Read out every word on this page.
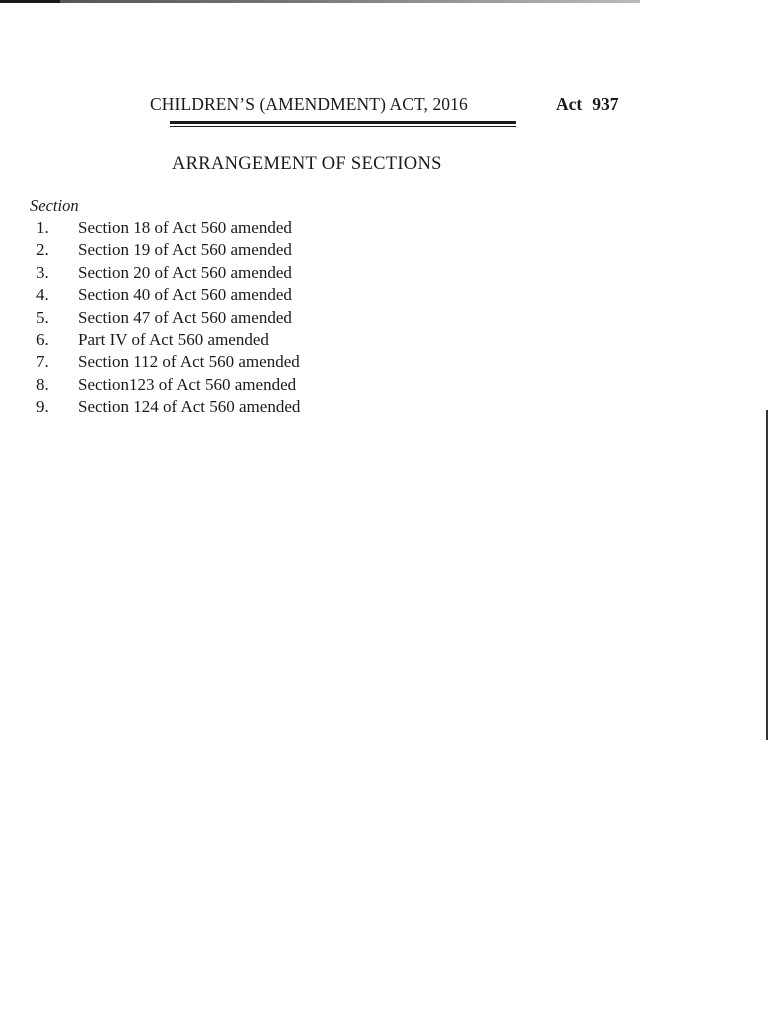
CHILDREN’S (AMENDMENT) ACT, 2016	Act 937
ARRANGEMENT OF SECTIONS
Section
1. Section 18 of Act 560 amended
2. Section 19 of Act 560 amended
3. Section 20 of Act 560 amended
4. Section 40 of Act 560 amended
5. Section 47 of Act 560 amended
6. Part IV of Act 560 amended
7. Section 112 of Act 560 amended
8. Section123 of Act 560 amended
9. Section 124 of Act 560 amended
